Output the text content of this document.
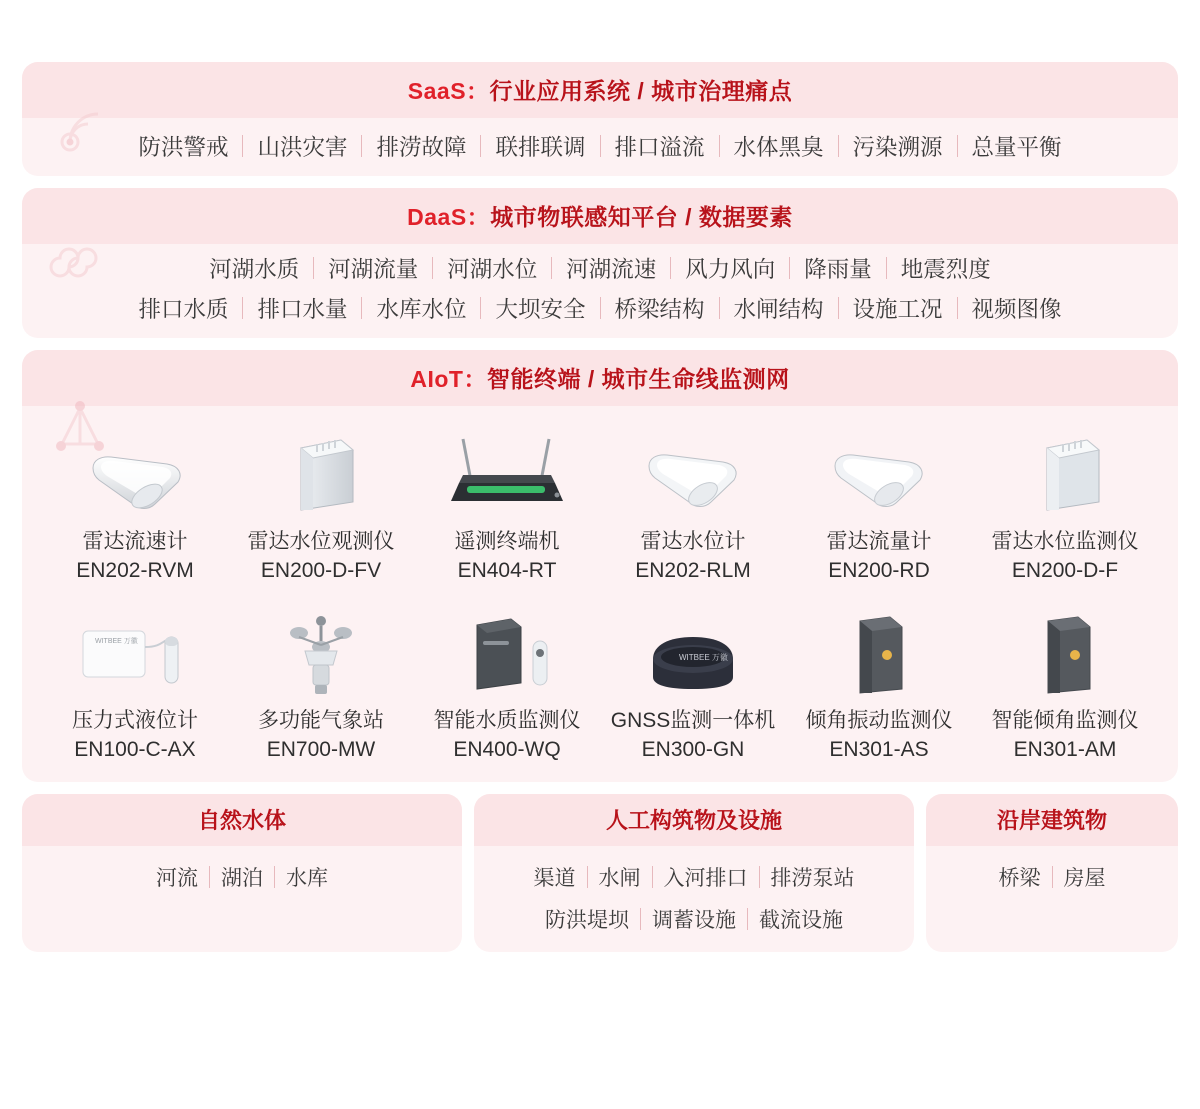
SaaS：行业应用系统 / 城市治理痛点
防洪警戒	山洪灾害	排涝故障	联排联调	排口溢流	水体黑臭	污染溯源	总量平衡
DaaS：城市物联感知平台 / 数据要素
河湖水质	河湖流量	河湖水位	河湖流速	风力风向	降雨量	地震烈度
排口水质	排口水量	水库水位	大坝安全	桥梁结构	水闸结构	设施工况	视频图像
AIoT：智能终端 / 城市生命线监测网
雷达流速计
EN202-RVM
雷达水位观测仪
EN200-D-FV
遥测终端机
EN404-RT
雷达水位计
EN202-RLM
雷达流量计
EN200-RD
雷达水位监测仪
EN200-D-F
WITBEE 万徽
压力式液位计
EN100-C-AX
多功能气象站
EN700-MW
智能水质监测仪
EN400-WQ
WITBEE 万徽
GNSS监测一体机
EN300-GN
倾角振动监测仪
EN301-AS
智能倾角监测仪
EN301-AM
自然水体
河流	湖泊	水库
人工构筑物及设施
渠道	水闸	入河排口	排涝泵站
防洪堤坝	调蓄设施	截流设施
沿岸建筑物
桥梁	房屋
